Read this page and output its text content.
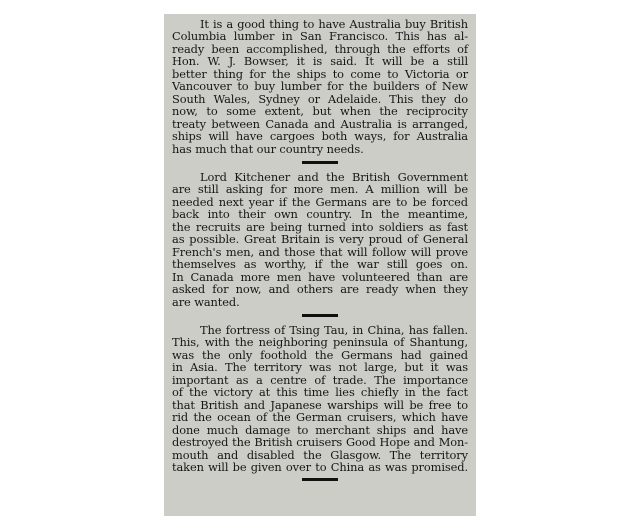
It is a good thing to have Australia buy British
Columbia lumber in San Francisco. This has al-
ready been accomplished, through the efforts of
Hon. W. J. Bowser, it is said. It will be a still
better thing for the ships to come to Victoria or
Vancouver to buy lumber for the builders of New
South Wales, Sydney or Adelaide. This they do
now, to some extent, but when the reciprocity
treaty between Canada and Australia is arranged,
ships will have cargoes both ways, for Australia
has much that our country needs.
Lord Kitchener and the British Government
are still asking for more men. A million will be
needed next year if the Germans are to be forced
back into their own country. In the meantime,
the recruits are being turned into soldiers as fast
as possible. Great Britain is very proud of General
French's men, and those that will follow will prove
themselves as worthy, if the war still goes on.
In Canada more men have volunteered than are
asked for now, and others are ready when they
are wanted.
The fortress of Tsing Tau, in China, has fallen.
This, with the neighboring peninsula of Shantung,
was the only foothold the Germans had gained
in Asia. The territory was not large, but it was
important as a centre of trade. The importance
of the victory at this time lies chiefly in the fact
that British and Japanese warships will be free to
rid the ocean of the German cruisers, which have
done much damage to merchant ships and have
destroyed the British cruisers Good Hope and Mon-
mouth and disabled the Glasgow. The territory
taken will be given over to China as was promised.
